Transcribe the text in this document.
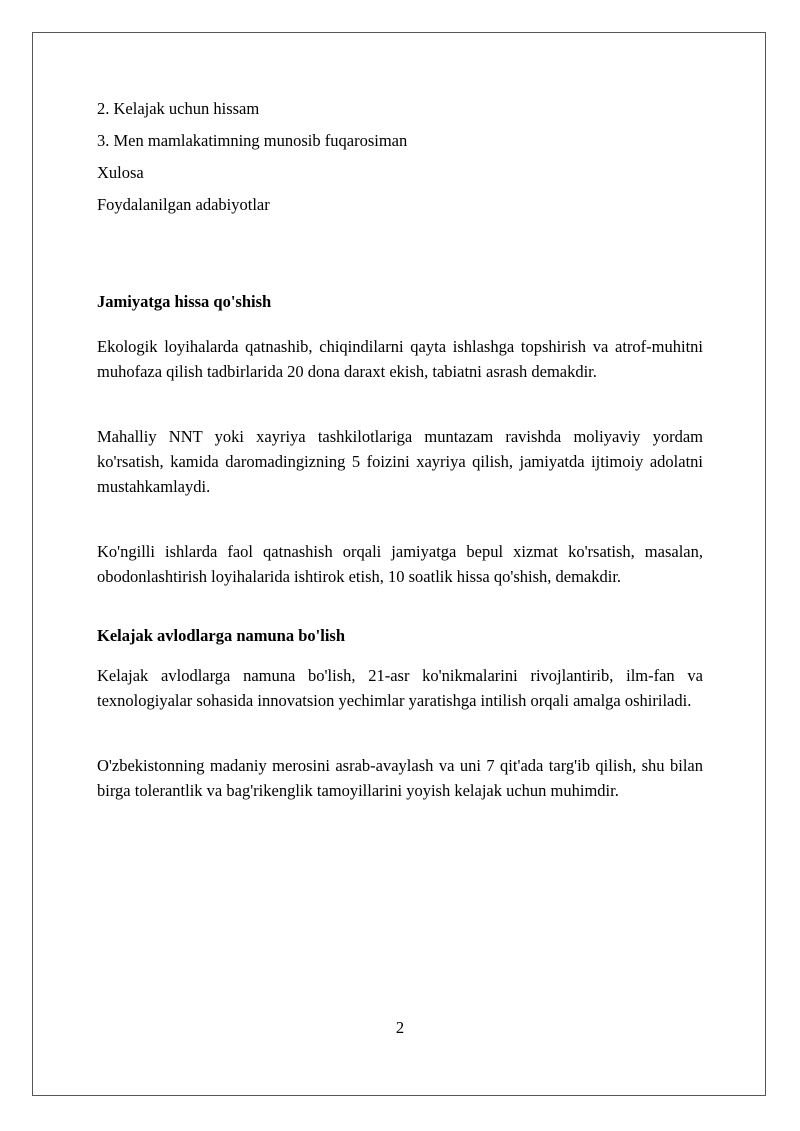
2. Kelajak uchun hissam

3. Men mamlakatimning munosib fuqarosiman

Xulosa

Foydalanilgan adabiyotlar

Jamiyatga hissa qo'shish

Ekologik loyihalarda qatnashib, chiqindilarni qayta ishlashga topshirish va atrof-muhitni muhofaza qilish tadbirlarida 20 dona daraxt ekish, tabiatni asrash demakdir.

Mahalliy NNT yoki xayriya tashkilotlariga muntazam ravishda moliyaviy yordam ko'rsatish, kamida daromadingizning 5 foizini xayriya qilish, jamiyatda ijtimoiy adolatni mustahkamlaydi.

Ko'ngilli ishlarda faol qatnashish orqali jamiyatga bepul xizmat ko'rsatish, masalan, obodonlashtirish loyihalarida ishtirok etish, 10 soatlik hissa qo'shish, demakdir.

Kelajak avlodlarga namuna bo'lish

Kelajak avlodlarga namuna bo'lish, 21-asr ko'nikmalarini rivojlantirib, ilm-fan va texnologiyalar sohasida innovatsion yechimlar yaratishga intilish orqali amalga oshiriladi.

O'zbekistonning madaniy merosini asrab-avaylash va uni 7 qit'ada targ'ib qilish, shu bilan birga tolerantlik va bag'rikenglik tamoyillarini yoyish kelajak uchun muhimdir.

2
